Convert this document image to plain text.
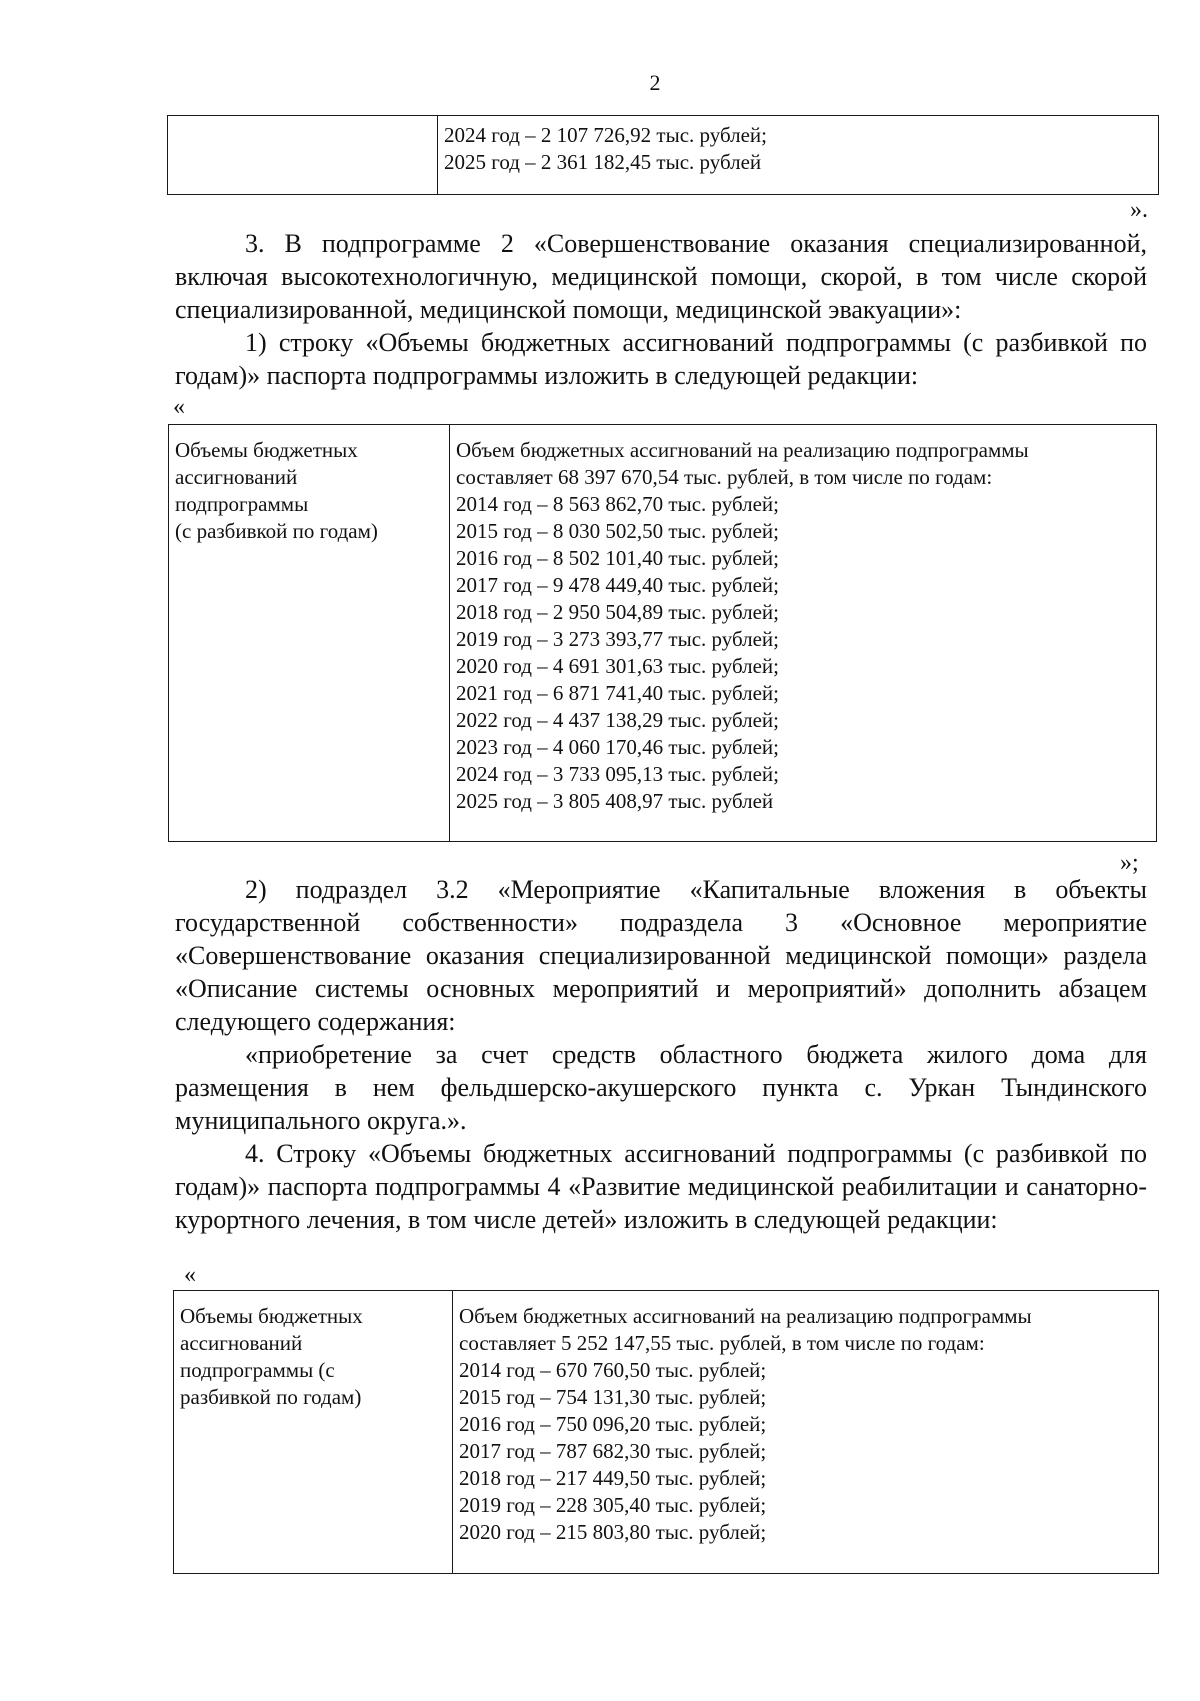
2

2024 год – 2 107 726,92 тыс. рублей;
2025 год – 2 361 182,45 тыс. рублей
».
3. В подпрограмме 2 «Совершенствование оказания специализированной, включая высокотехнологичную, медицинской помощи, скорой, в том числе скорой специализированной, медицинской помощи, медицинской эвакуации»:
1) строку «Объемы бюджетных ассигнований подпрограммы (с разбивкой по годам)» паспорта подпрограммы изложить в следующей редакции:
«
Объемы бюджетных
ассигнований
подпрограммы
(с разбивкой по годам)

Объем бюджетных ассигнований на реализацию подпрограммы
составляет 68 397 670,54 тыс. рублей, в том числе по годам:
2014 год – 8 563 862,70 тыс. рублей;
2015 год – 8 030 502,50 тыс. рублей;
2016 год – 8 502 101,40 тыс. рублей;
2017 год – 9 478 449,40 тыс. рублей;
2018 год – 2 950 504,89 тыс. рублей;
2019 год – 3 273 393,77 тыс. рублей;
2020 год – 4 691 301,63 тыс. рублей;
2021 год – 6 871 741,40 тыс. рублей;
2022 год – 4 437 138,29 тыс. рублей;
2023 год – 4 060 170,46 тыс. рублей;
2024 год – 3 733 095,13 тыс. рублей;
2025 год – 3 805 408,97 тыс. рублей
»;
2) подраздел 3.2 «Мероприятие «Капитальные вложения в объекты государственной собственности» подраздела 3 «Основное мероприятие «Совершенствование оказания специализированной медицинской помощи» раздела «Описание системы основных мероприятий и мероприятий» дополнить абзацем следующего содержания:
«приобретение за счет средств областного бюджета жилого дома для размещения в нем фельдшерско-акушерского пункта с. Уркан Тындинского муниципального округа.».
4. Строку «Объемы бюджетных ассигнований подпрограммы (с разбивкой по годам)» паспорта подпрограммы 4 «Развитие медицинской реабилитации и санаторно-курортного лечения, в том числе детей» изложить в следующей редакции:
«
Объемы бюджетных
ассигнований
подпрограммы (с
разбивкой по годам)

Объем бюджетных ассигнований на реализацию подпрограммы
составляет 5 252 147,55 тыс. рублей, в том числе по годам:
2014 год – 670 760,50 тыс. рублей;
2015 год – 754 131,30 тыс. рублей;
2016 год – 750 096,20 тыс. рублей;
2017 год – 787 682,30 тыс. рублей;
2018 год – 217 449,50 тыс. рублей;
2019 год – 228 305,40 тыс. рублей;
2020 год – 215 803,80 тыс. рублей;
